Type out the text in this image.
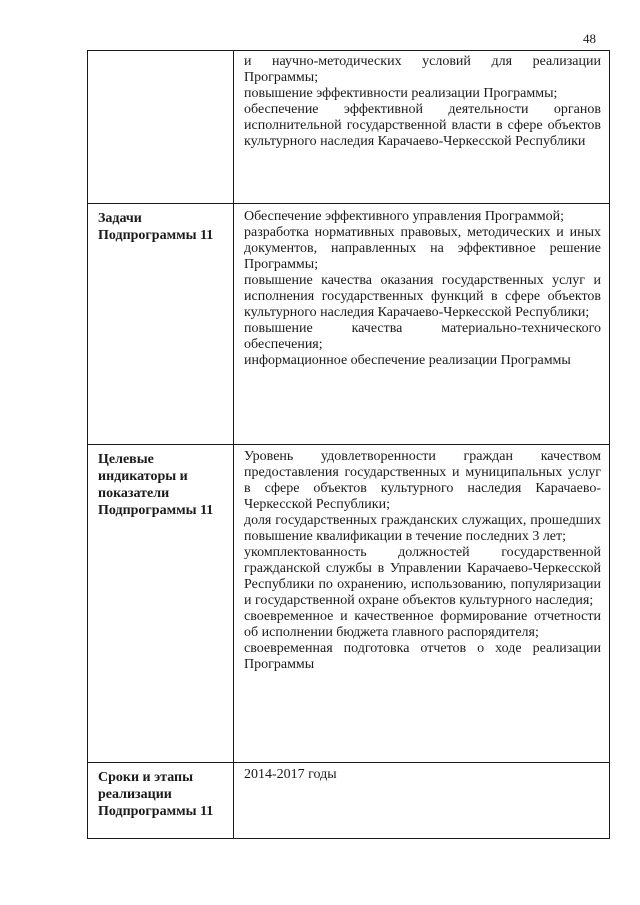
48

	и научно-методических условий для реализации Программы;

повышение эффективности реализации Программы;

обеспечение эффективной деятельности органов исполнительной государственной власти в сфере объектов культурного наследия Карачаево-Черкесской Республики

Задачи Подпрограммы 11	Обеспечение эффективного управления Программой;

разработка нормативных правовых, методических и иных документов, направленных на эффективное решение Программы;

повышение качества оказания государственных услуг и исполнения государственных функций в сфере объектов культурного наследия Карачаево-Черкесской Республики;

повышение качества материально-технического обеспечения;

информационное обеспечение реализации Программы

Целевые индикаторы и показатели Подпрограммы 11	Уровень удовлетворенности граждан качеством предоставления государственных и муниципальных услуг в сфере объектов культурного наследия Карачаево-Черкесской Республики;

доля государственных гражданских служащих, прошедших повышение квалификации в течение последних 3 лет;

укомплектованность должностей государственной гражданской службы в Управлении Карачаево-Черкесской Республики по охранению, использованию, популяризации и государственной охране объектов культурного наследия;

своевременное и качественное формирование отчетности об исполнении бюджета главного распорядителя;

своевременная подготовка отчетов о ходе реализации Программы

Сроки и этапы реализации Подпрограммы 11	2014-2017 годы
